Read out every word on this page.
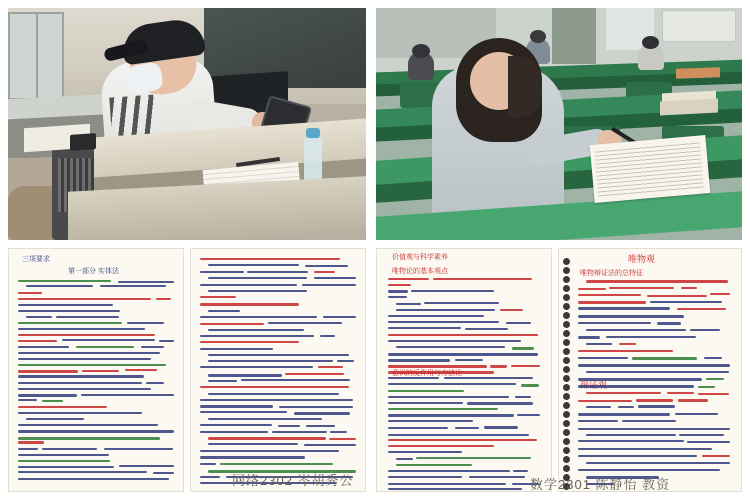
三项要求
第一部分 实体法
价值观与科学素养
唯物论的基本观点
唯物观
唯物辩证法的总特征
网络2302 岑胡秀公	数学2301 陈静怡 教资
